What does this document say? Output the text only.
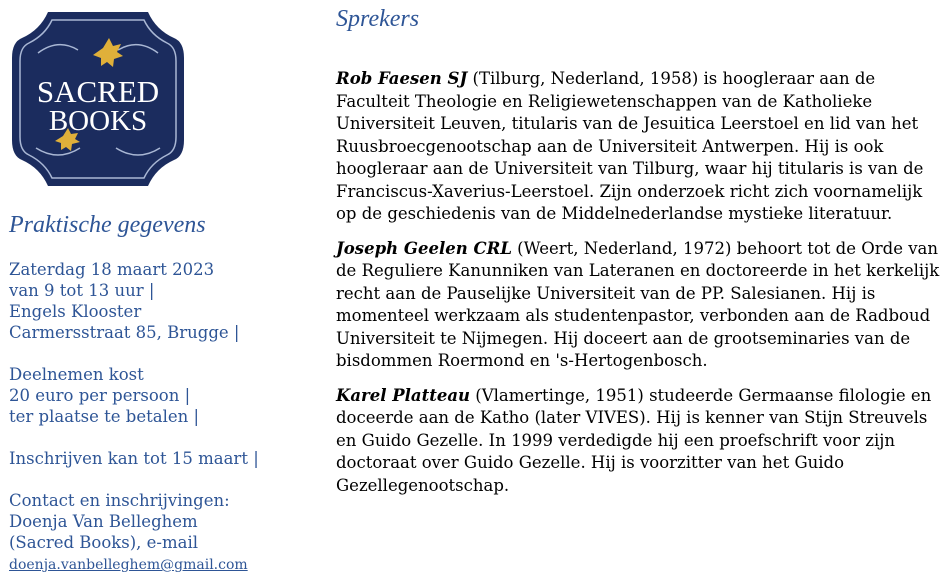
SACRED
BOOKS
Praktische gegevens

Zaterdag 18 maart 2023
van 9 tot 13 uur |
Engels Klooster
Carmersstraat 85, Brugge |

Deelnemen kost
20 euro per persoon |
ter plaatse te betalen |

Inschrijven kan tot 15 maart |

Contact en inschrijvingen:
Doenja Van Belleghem
(Sacred Books), e-mail
doenja.vanbelleghem@gmail.com

Sprekers

Rob Faesen SJ (Tilburg, Nederland, 1958) is hoogleraar aan de Faculteit Theologie en Religiewetenschappen van de Katholieke Universiteit Leuven, titularis van de Jesuitica Leerstoel en lid van het Ruusbroecgenootschap aan de Universiteit Antwerpen. Hij is ook hoogleraar aan de Universiteit van Tilburg, waar hij titularis is van de Franciscus-Xaverius-Leerstoel. Zijn onderzoek richt zich voornamelijk op de geschiedenis van de Middelnederlandse mystieke literatuur.

Joseph Geelen CRL (Weert, Nederland, 1972) behoort tot de Orde van de Reguliere Kanunniken van Lateranen en doctoreerde in het kerkelijk recht aan de Pauselijke Universiteit van de PP. Salesianen. Hij is momenteel werkzaam als studentenpastor, verbonden aan de Radboud Universiteit te Nijmegen. Hij doceert aan de grootseminaries van de bisdommen Roermond en 's-Hertogenbosch.

Karel Platteau (Vlamertinge, 1951) studeerde Germaanse filologie en doceerde aan de Katho (later VIVES). Hij is kenner van Stijn Streuvels en Guido Gezelle. In 1999 verdedigde hij een proefschrift voor zijn doctoraat over Guido Gezelle. Hij is voorzitter van het Guido Gezellegenootschap.
